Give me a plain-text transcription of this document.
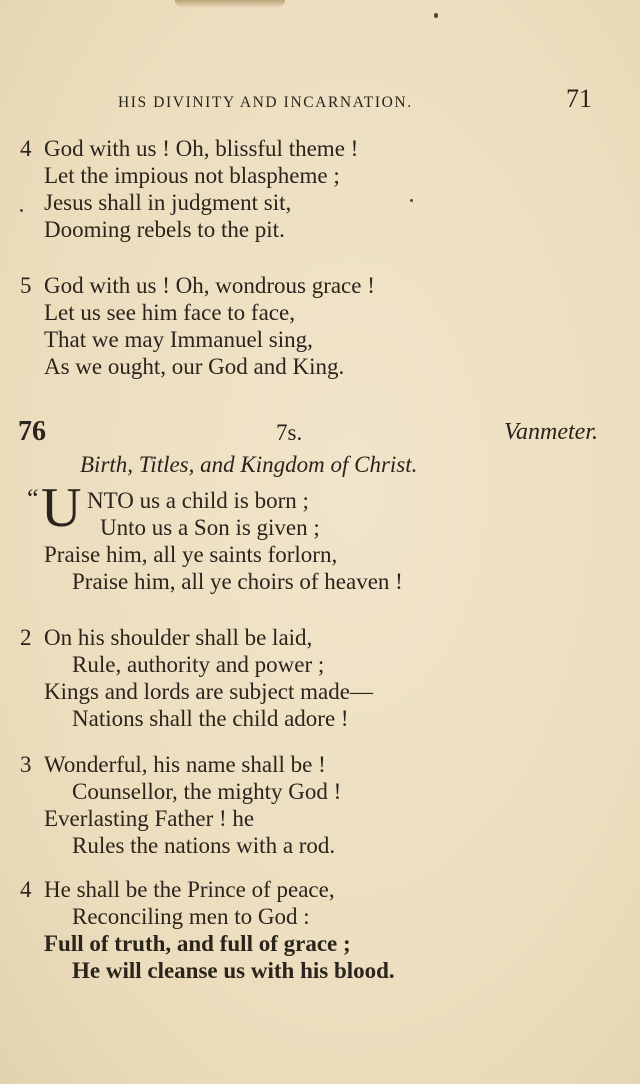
HIS DIVINITY AND INCARNATION.	71
4 God with us ! Oh, blissful theme !
Let the impious not blaspheme ;
Jesus shall in judgment sit,
Dooming rebels to the pit.
5 God with us ! Oh, wondrous grace !
Let us see him face to face,
That we may Immanuel sing,
As we ought, our God and King.
76	7s.	Vanmeter.
Birth, Titles, and Kingdom of Christ.
“ U NTO us a child is born ;
Unto us a Son is given ;
Praise him, all ye saints forlorn,
Praise him, all ye choirs of heaven !
2 On his shoulder shall be laid,
Rule, authority and power ;
Kings and lords are subject made—
Nations shall the child adore !
3 Wonderful, his name shall be !
Counsellor, the mighty God !
Everlasting Father ! he
Rules the nations with a rod.
4 He shall be the Prince of peace,
Reconciling men to God :
Full of truth, and full of grace ;
He will cleanse us with his blood.
